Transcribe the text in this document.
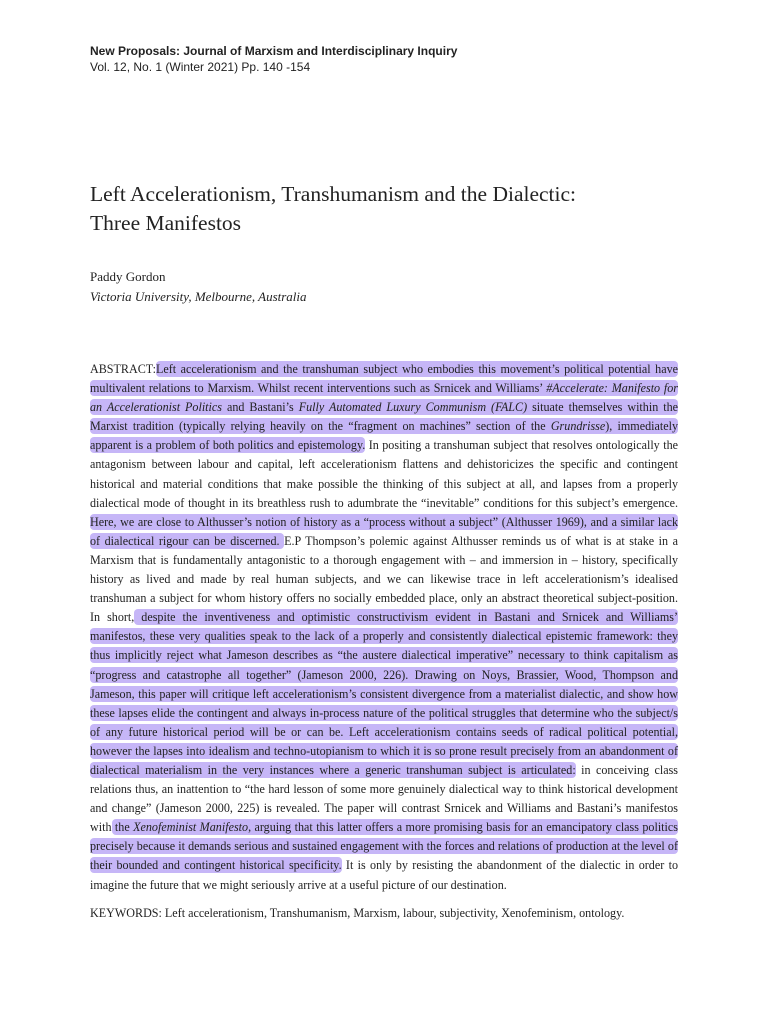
New Proposals: Journal of Marxism and Interdisciplinary Inquiry
Vol. 12, No. 1 (Winter 2021) Pp. 140 -154
Left Accelerationism, Transhumanism and the Dialectic:
Three Manifestos
Paddy Gordon
Victoria University, Melbourne, Australia
ABSTRACT:Left accelerationism and the transhuman subject who embodies this movement’s political potential have multivalent relations to Marxism. Whilst recent interventions such as Srnicek and Williams’ #Accelerate: Manifesto for an Accelerationist Politics and Bastani’s Fully Automated Luxury Communism (FALC) situate themselves within the Marxist tradition (typically relying heavily on the “fragment on machines” section of the Grundrisse), immediately apparent is a problem of both politics and epistemology. In positing a transhuman subject that resolves ontologically the antagonism between labour and capital, left accelerationism flattens and dehistoricizes the specific and contingent historical and material conditions that make possible the thinking of this subject at all, and lapses from a properly dialectical mode of thought in its breathless rush to adumbrate the “inevitable” conditions for this subject’s emergence. Here, we are close to Althusser’s notion of history as a “process without a subject” (Althusser 1969), and a similar lack of dialectical rigour can be discerned. E.P Thompson’s polemic against Althusser reminds us of what is at stake in a Marxism that is fundamentally antagonistic to a thorough engagement with – and immersion in – history, specifically history as lived and made by real human subjects, and we can likewise trace in left accelerationism’s idealised transhuman a subject for whom history offers no socially embedded place, only an abstract theoretical subject-position. In short, despite the inventiveness and optimistic constructivism evident in Bastani and Srnicek and Williams’ manifestos, these very qualities speak to the lack of a properly and consistently dialectical epistemic framework: they thus implicitly reject what Jameson describes as “the austere dialectical imperative” necessary to think capitalism as “progress and catastrophe all together” (Jameson 2000, 226). Drawing on Noys, Brassier, Wood, Thompson and Jameson, this paper will critique left accelerationism’s consistent divergence from a materialist dialectic, and show how these lapses elide the contingent and always in-process nature of the political struggles that determine who the subject/s of any future historical period will be or can be. Left accelerationism contains seeds of radical political potential, however the lapses into idealism and techno-utopianism to which it is so prone result precisely from an abandonment of dialectical materialism in the very instances where a generic transhuman subject is articulated: in conceiving class relations thus, an inattention to “the hard lesson of some more genuinely dialectical way to think historical development and change” (Jameson 2000, 225) is revealed. The paper will contrast Srnicek and Williams and Bastani’s manifestos with the Xenofeminist Manifesto, arguing that this latter offers a more promising basis for an emancipatory class politics precisely because it demands serious and sustained engagement with the forces and relations of production at the level of their bounded and contingent historical specificity. It is only by resisting the abandonment of the dialectic in order to imagine the future that we might seriously arrive at a useful picture of our destination.
KEYWORDS: Left accelerationism, Transhumanism, Marxism, labour, subjectivity, Xenofeminism, ontology.
